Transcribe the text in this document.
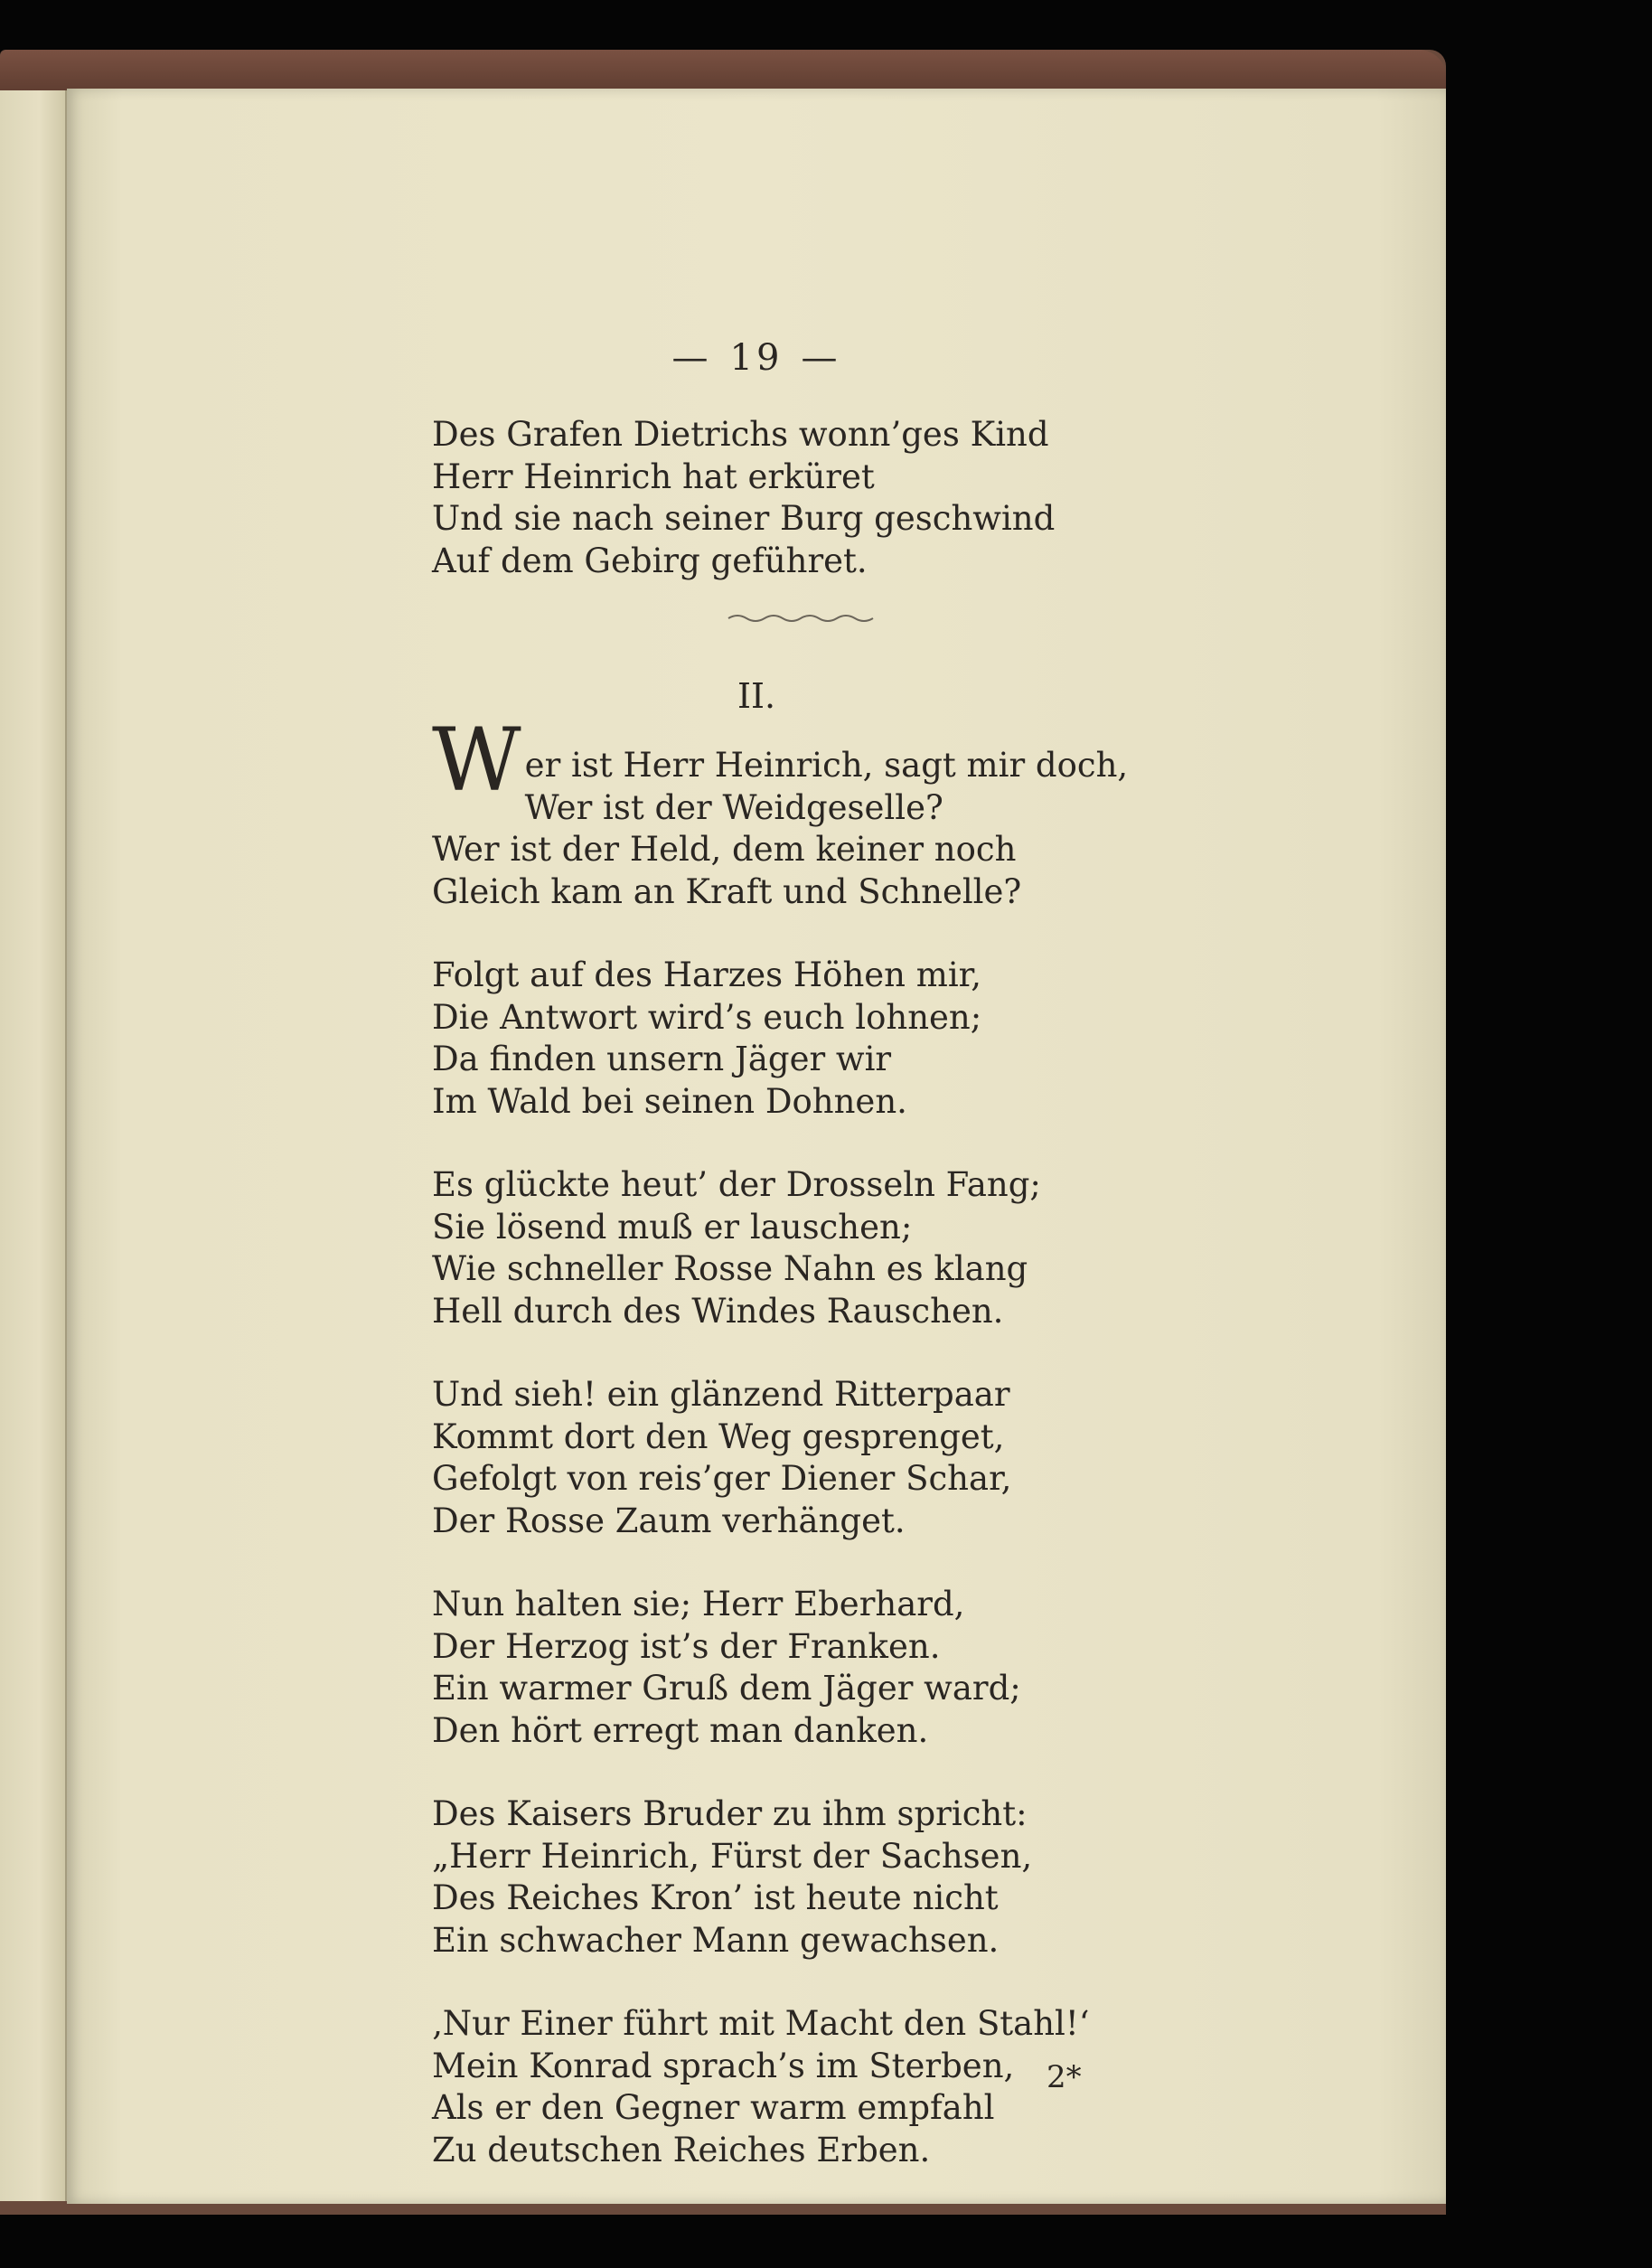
— 19 —

Des Grafen Dietrichs wonn’ges Kind
Herr Heinrich hat erküret
Und sie nach seiner Burg geschwind
Auf dem Gebirg geführet.

II.

W er ist Herr Heinrich, sagt mir doch,
Wer ist der Weidgeselle?
Wer ist der Held, dem keiner noch
Gleich kam an Kraft und Schnelle?

Folgt auf des Harzes Höhen mir,
Die Antwort wird’s euch lohnen;
Da finden unsern Jäger wir
Im Wald bei seinen Dohnen.

Es glückte heut’ der Drosseln Fang;
Sie lösend muß er lauschen;
Wie schneller Rosse Nahn es klang
Hell durch des Windes Rauschen.

Und sieh! ein glänzend Ritterpaar
Kommt dort den Weg gesprenget,
Gefolgt von reis’ger Diener Schar,
Der Rosse Zaum verhänget.

Nun halten sie; Herr Eberhard,
Der Herzog ist’s der Franken.
Ein warmer Gruß dem Jäger ward;
Den hört erregt man danken.

Des Kaisers Bruder zu ihm spricht:
„Herr Heinrich, Fürst der Sachsen,
Des Reiches Kron’ ist heute nicht
Ein schwacher Mann gewachsen.

‚Nur Einer führt mit Macht den Stahl!‘
Mein Konrad sprach’s im Sterben,
Als er den Gegner warm empfahl
Zu deutschen Reiches Erben.

2*
